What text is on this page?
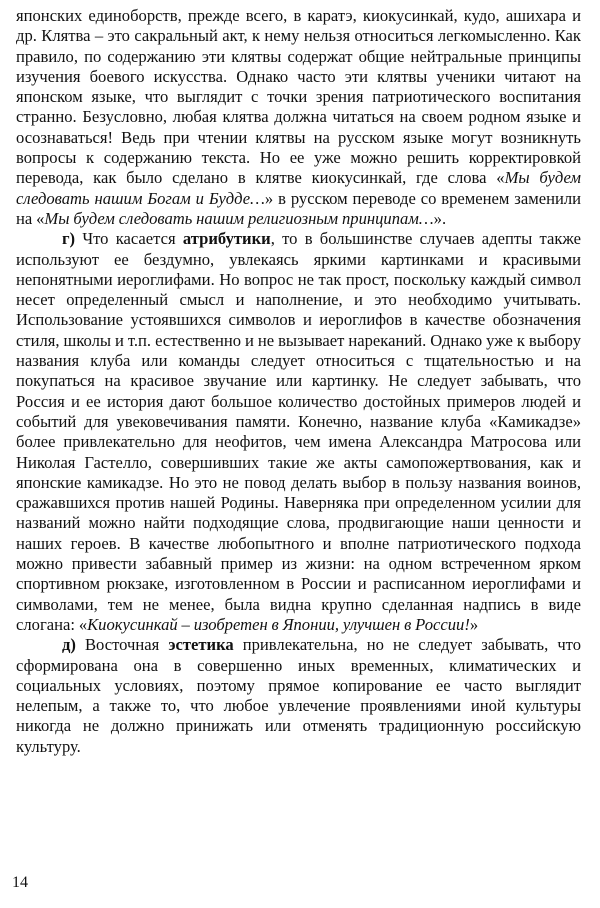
японских единоборств, прежде всего, в каратэ, киокусинкай, кудо, ашихара и др. Клятва – это сакральный акт, к нему нельзя относиться легкомысленно. Как правило, по содержанию эти клятвы содержат общие нейтральные принципы изучения боевого искусства. Однако часто эти клятвы ученики читают на японском языке, что выглядит с точки зрения патриотического воспитания странно. Безусловно, любая клятва должна читаться на своем родном языке и осознаваться! Ведь при чтении клятвы на русском языке могут возникнуть вопросы к содержанию текста. Но ее уже можно решить корректировкой перевода, как было сделано в клятве киокусинкай, где слова «Мы будем следовать нашим Богам и Будде…» в русском переводе со временем заменили на «Мы будем следовать нашим религиозным принципам…».

г) Что касается атрибутики, то в большинстве случаев адепты также используют ее бездумно, увлекаясь яркими картинками и красивыми непонятными иероглифами. Но вопрос не так прост, поскольку каждый символ несет определенный смысл и наполнение, и это необходимо учитывать. Использование устоявшихся символов и иероглифов в качестве обозначения стиля, школы и т.п. естественно и не вызывает нареканий. Однако уже к выбору названия клуба или команды следует относиться с тщательностью и на покупаться на красивое звучание или картинку. Не следует забывать, что Россия и ее история дают большое количество достойных примеров людей и событий для увековечивания памяти. Конечно, название клуба «Камикадзе» более привлекательно для неофитов, чем имена Александра Матросова или Николая Гастелло, совершивших такие же акты самопожертвования, как и японские камикадзе. Но это не повод делать выбор в пользу названия воинов, сражавшихся против нашей Родины. Наверняка при определенном усилии для названий можно найти подходящие слова, продвигающие наши ценности и наших героев. В качестве любопытного и вполне патриотического подхода можно привести забавный пример из жизни: на одном встреченном ярком спортивном рюкзаке, изготовленном в России и расписанном иероглифами и символами, тем не менее, была видна крупно сделанная надпись в виде слогана: «Киокусинкай – изобретен в Японии, улучшен в России!»

д) Восточная эстетика привлекательна, но не следует забывать, что сформирована она в совершенно иных временных, климатических и социальных условиях, поэтому прямое копирование ее часто выглядит нелепым, а также то, что любое увлечение проявлениями иной культуры никогда не должно принижать или отменять традиционную российскую культуру.

14
